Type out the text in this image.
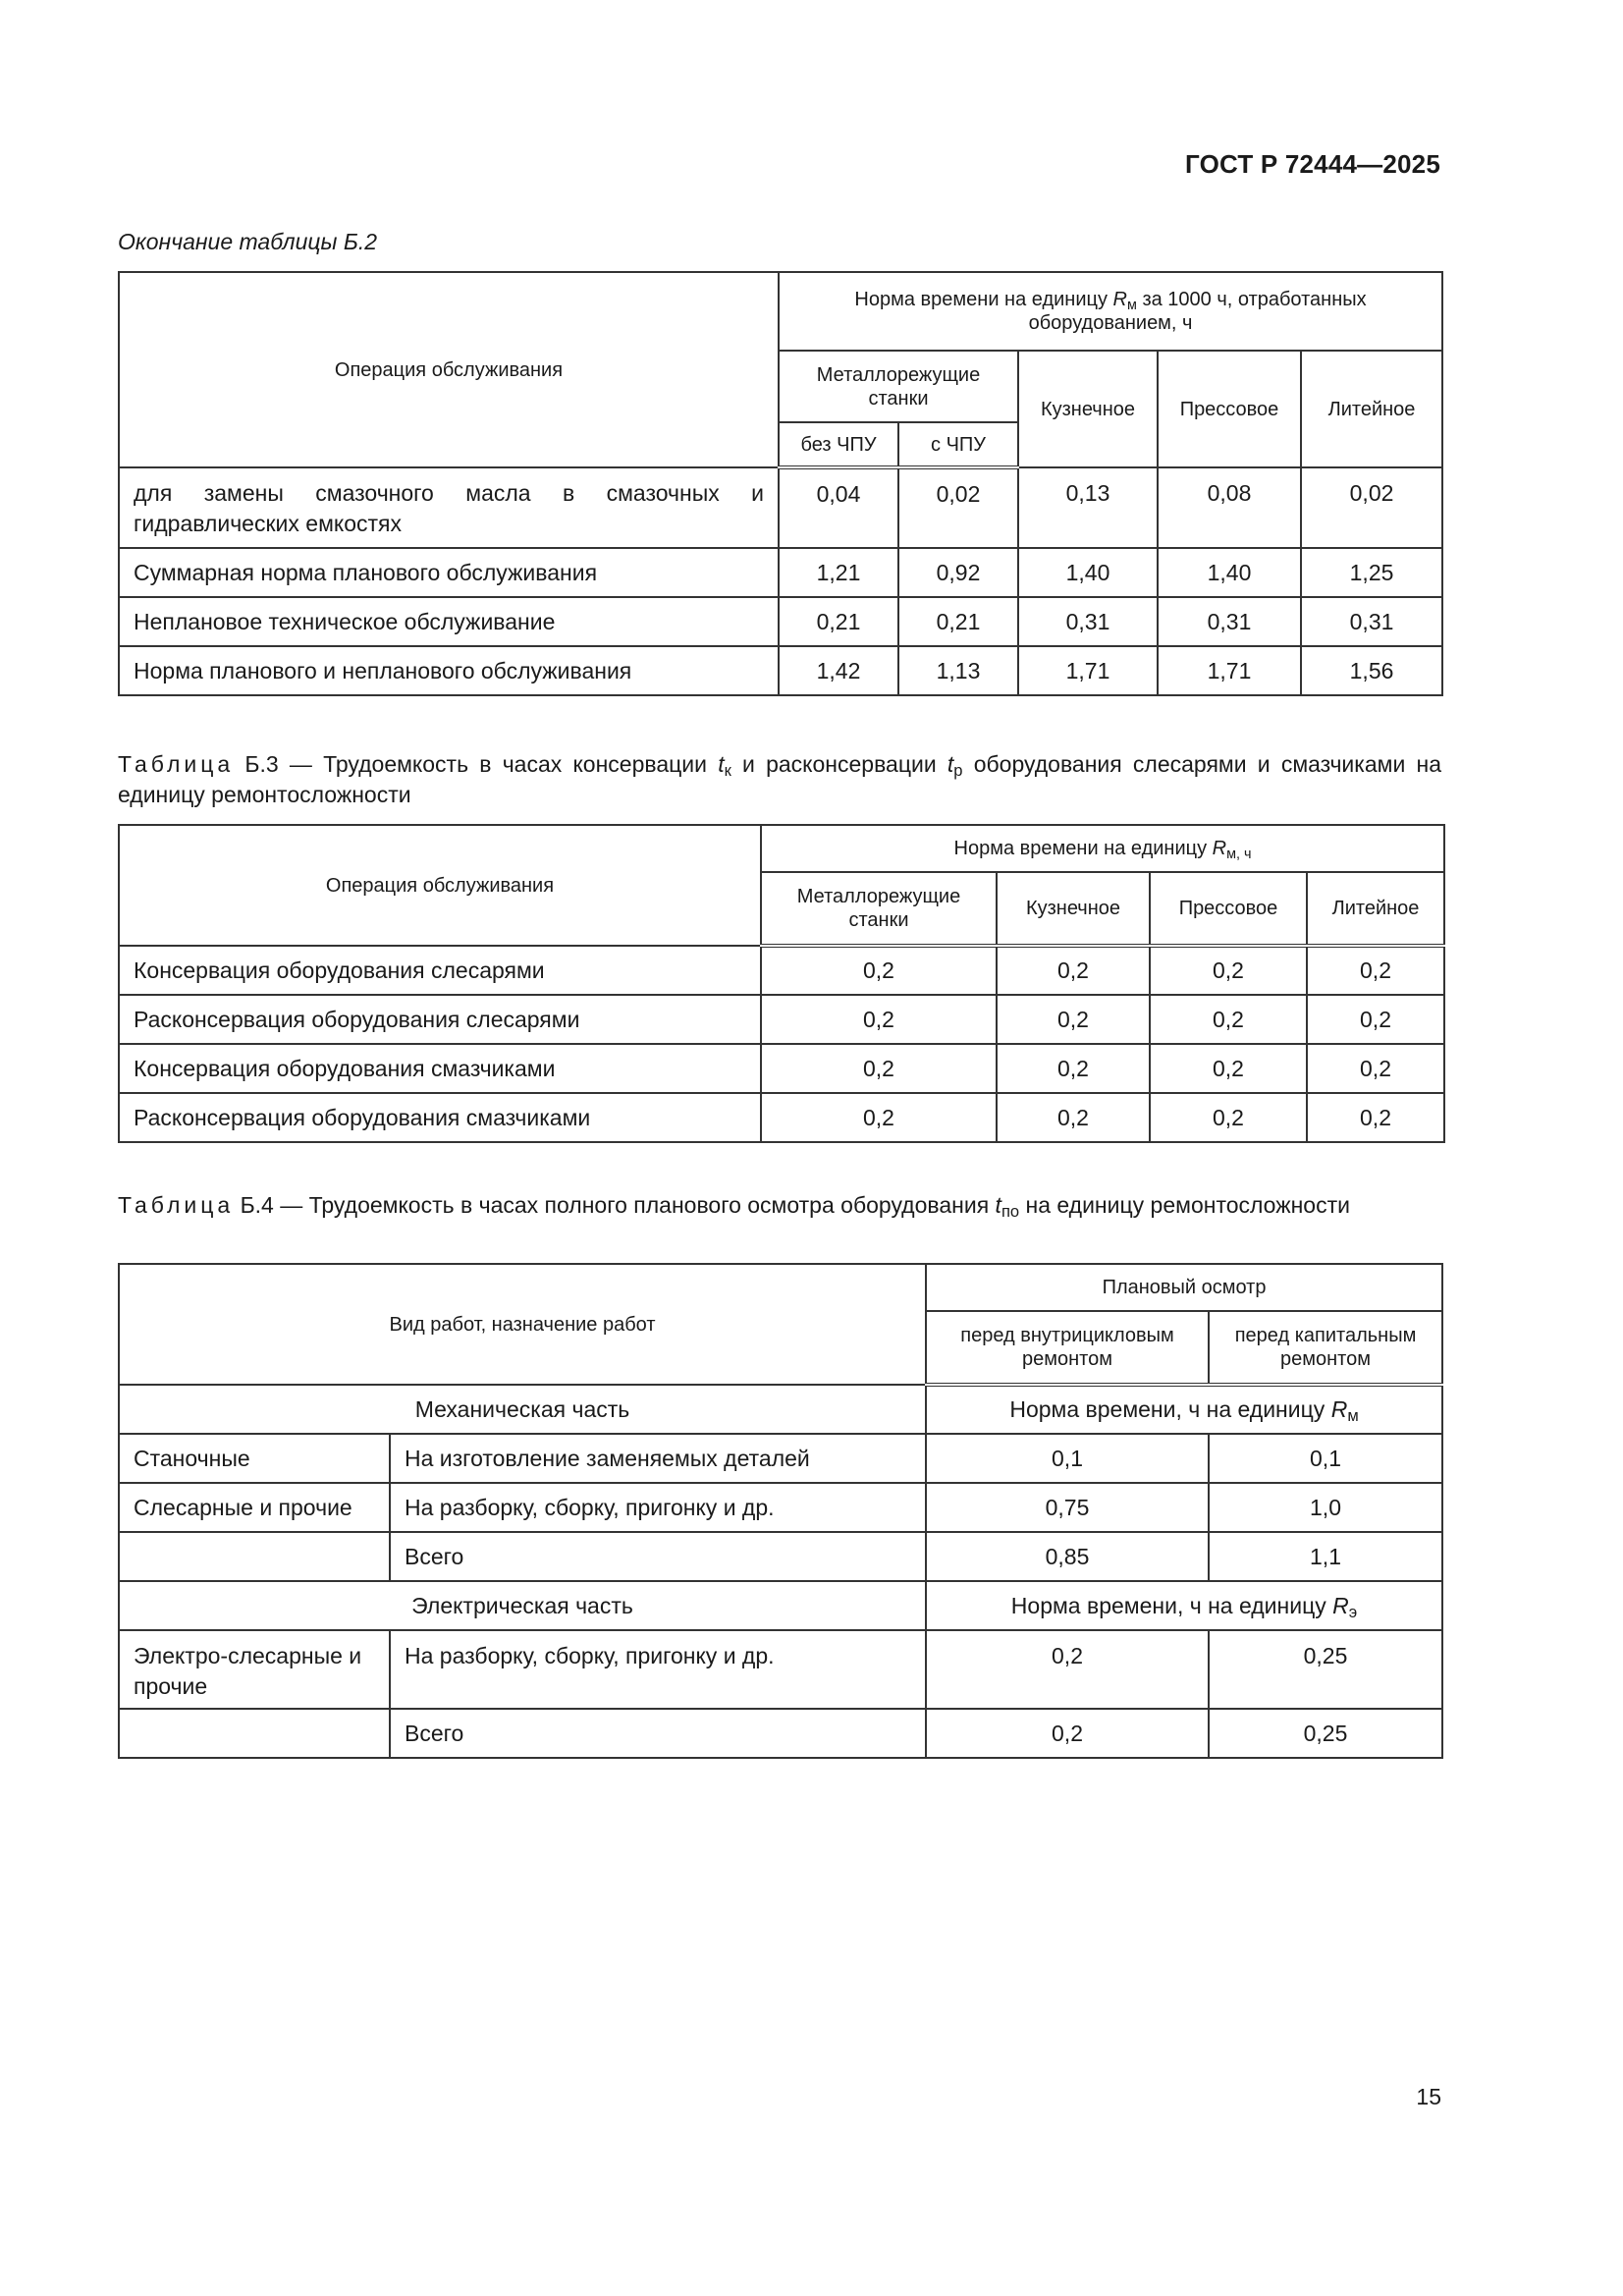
ГОСТ Р 72444—2025
Окончание таблицы Б.2
Операция обслуживания	Норма времени на единицу $R_м$ за 1000 ч, отработанных оборудованием, ч				
	Металлорежущие станки		Кузнечное	Прессовое	Литейное
	без ЧПУ	с ЧПУ		
для замены смазочного масла в смазочных и гидравлических емкостях	0,04	0,02	0,13	0,08	0,02
Суммарная норма планового обслуживания	1,21	0,92	1,40	1,40	1,25
Неплановое техническое обслуживание	0,21	0,21	0,31	0,31	0,31
Норма планового и непланового обслуживания	1,42	1,13	1,71	1,71	1,56
Таблица Б.3 — Трудоемкость в часах консервации $t_к$ и расконсервации $t_р$ оборудования слесарями и смазчиками на единицу ремонтосложности
Операция обслуживания	Норма времени на единицу $R_{м, ч}$
	Металлорежущие станки	Кузнечное	Прессовое	Литейное
Консервация оборудования слесарями	0,2	0,2	0,2	0,2
Расконсервация оборудования слесарями	0,2	0,2	0,2	0,2
Консервация оборудования смазчиками	0,2	0,2	0,2	0,2
Расконсервация оборудования смазчиками	0,2	0,2	0,2	0,2
Таблица Б.4 — Трудоемкость в часах полного планового осмотра оборудования $t_{по}$ на единицу ремонтосложности
Вид работ, назначение работ		Плановый осмотр	
		перед внутрицикловым ремонтом	перед капитальным ремонтом
Механическая часть		Норма времени, ч на единицу $R_м$
Станочные	На изготовление заменяемых деталей	0,1	0,1
Слесарные и прочие	На разборку, сборку, пригонку и др.	0,75	1,0
	Всего	0,85	1,1
Электрическая часть		Норма времени, ч на единицу $R_э$
Электро-слесарные и прочие	На разборку, сборку, пригонку и др.	0,2	0,25
	Всего	0,2	0,25
15
